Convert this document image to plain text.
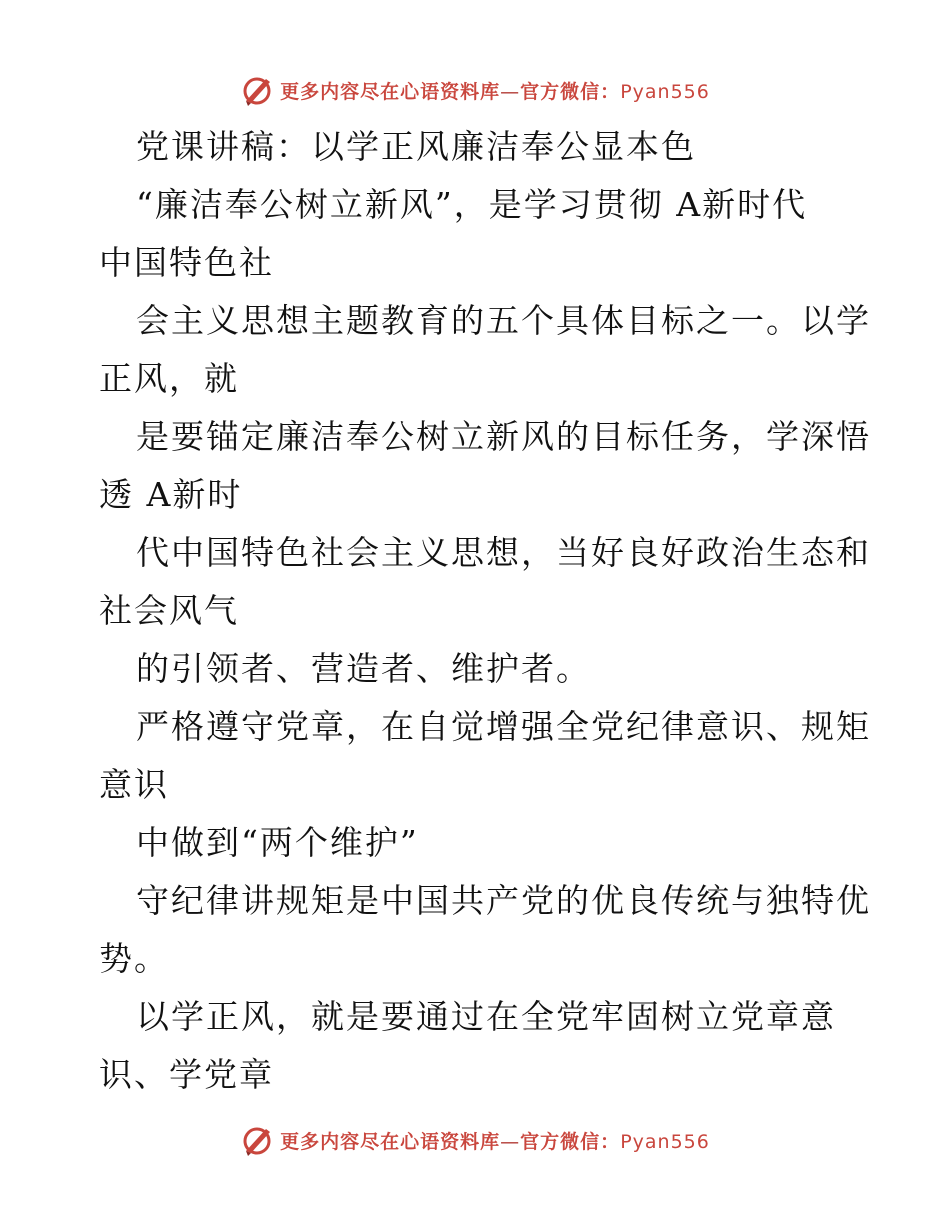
更多内容尽在心语资料库—官方微信：Pyan556
党课讲稿：以学正风廉洁奉公显本色
“廉洁奉公树立新风”，是学习贯彻 A新时代
中国特色社
会主义思想主题教育的五个具体目标之一。以学
正风，就
是要锚定廉洁奉公树立新风的目标任务，学深悟
透 A新时
代中国特色社会主义思想，当好良好政治生态和
社会风气
的引领者、营造者、维护者。
严格遵守党章，在自觉增强全党纪律意识、规矩
意识
中做到“两个维护”
守纪律讲规矩是中国共产党的优良传统与独特优
势。
以学正风，就是要通过在全党牢固树立党章意
识、学党章
更多内容尽在心语资料库—官方微信：Pyan556
